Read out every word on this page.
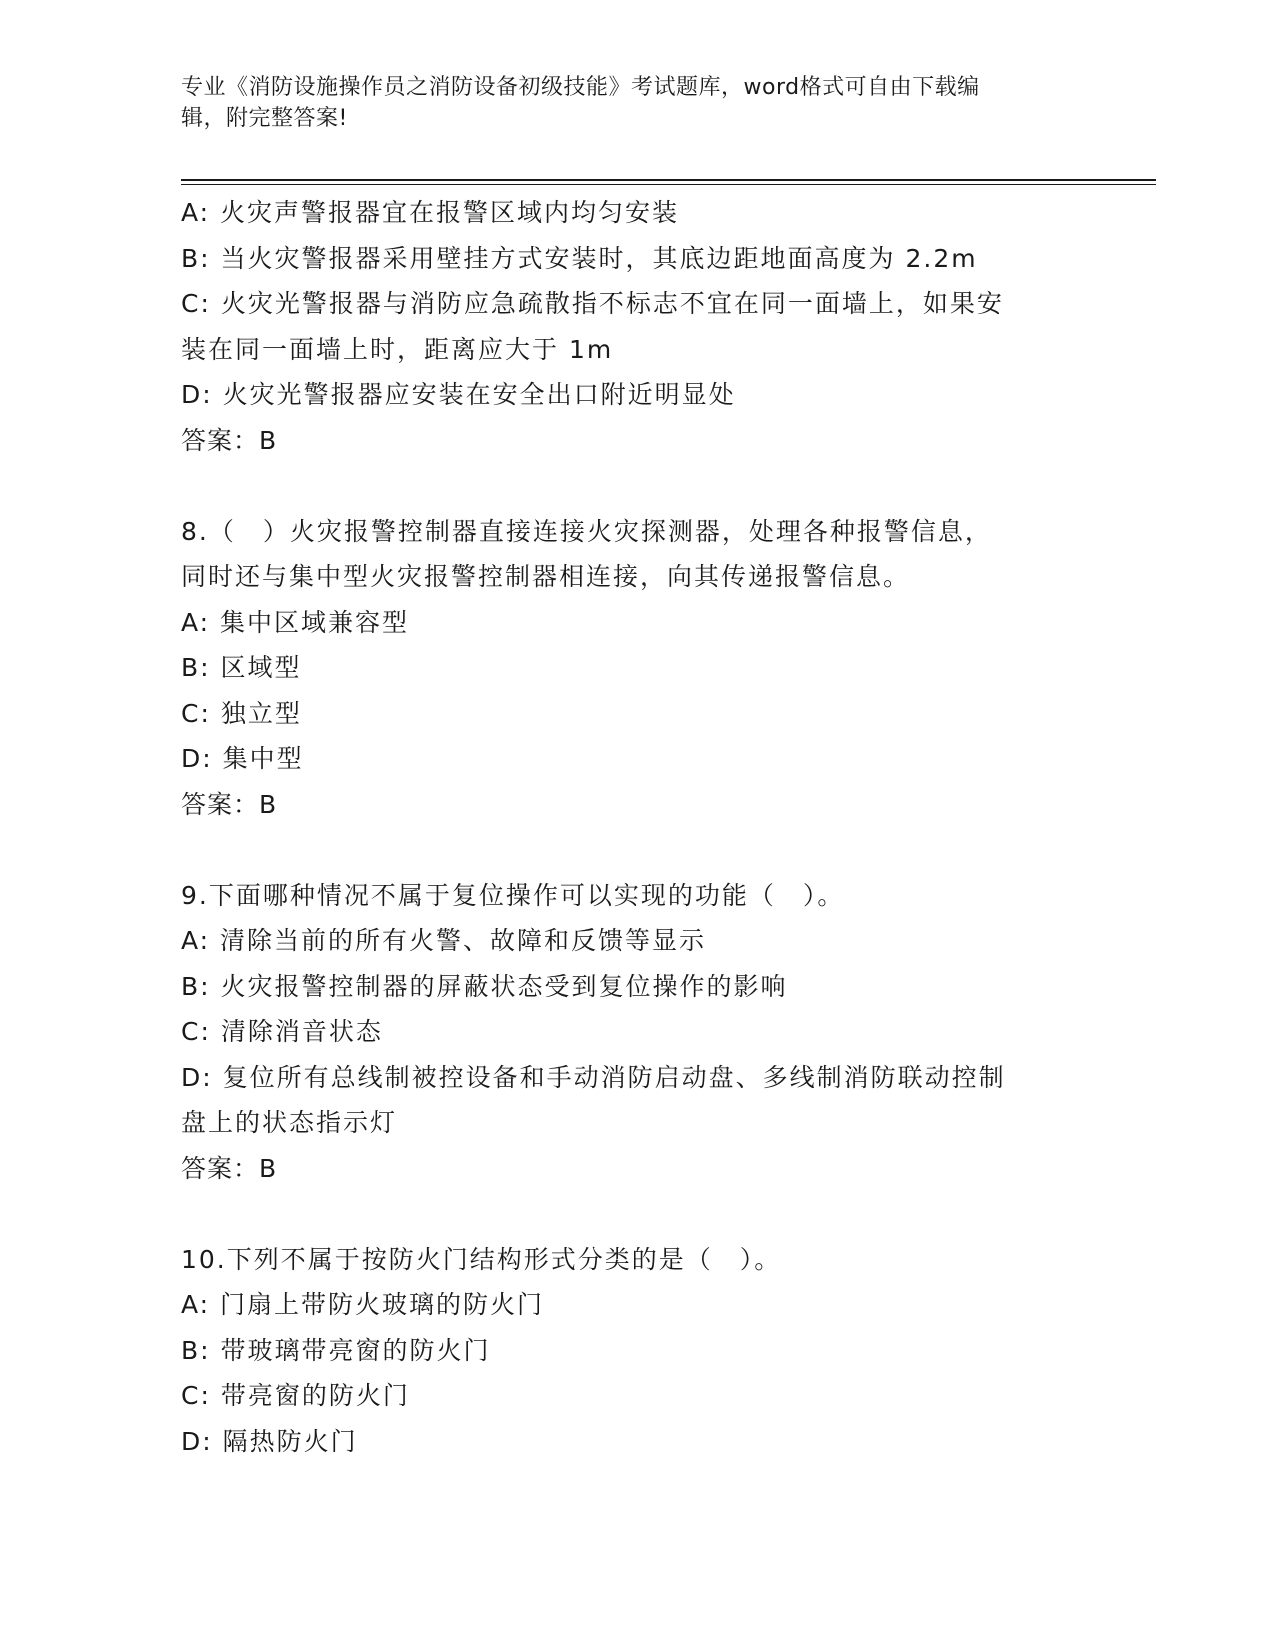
专业《消防设施操作员之消防设备初级技能》考试题库，word格式可自由下载编
辑，附完整答案!
A: 火灾声警报器宜在报警区域内均匀安装
B: 当火灾警报器采用壁挂方式安装时，其底边距地面高度为 2.2m
C: 火灾光警报器与消防应急疏散指不标志不宜在同一面墙上，如果安
装在同一面墙上时，距离应大于 1m
D: 火灾光警报器应安装在安全出口附近明显处
答案：B
8.（　）火灾报警控制器直接连接火灾探测器，处理各种报警信息，
同时还与集中型火灾报警控制器相连接，向其传递报警信息。
A: 集中区域兼容型
B: 区域型
C: 独立型
D: 集中型
答案：B
9.下面哪种情况不属于复位操作可以实现的功能（　）。
A: 清除当前的所有火警、故障和反馈等显示
B: 火灾报警控制器的屏蔽状态受到复位操作的影响
C: 清除消音状态
D: 复位所有总线制被控设备和手动消防启动盘、多线制消防联动控制
盘上的状态指示灯
答案：B
10.下列不属于按防火门结构形式分类的是（　）。
A: 门扇上带防火玻璃的防火门
B: 带玻璃带亮窗的防火门
C: 带亮窗的防火门
D: 隔热防火门
